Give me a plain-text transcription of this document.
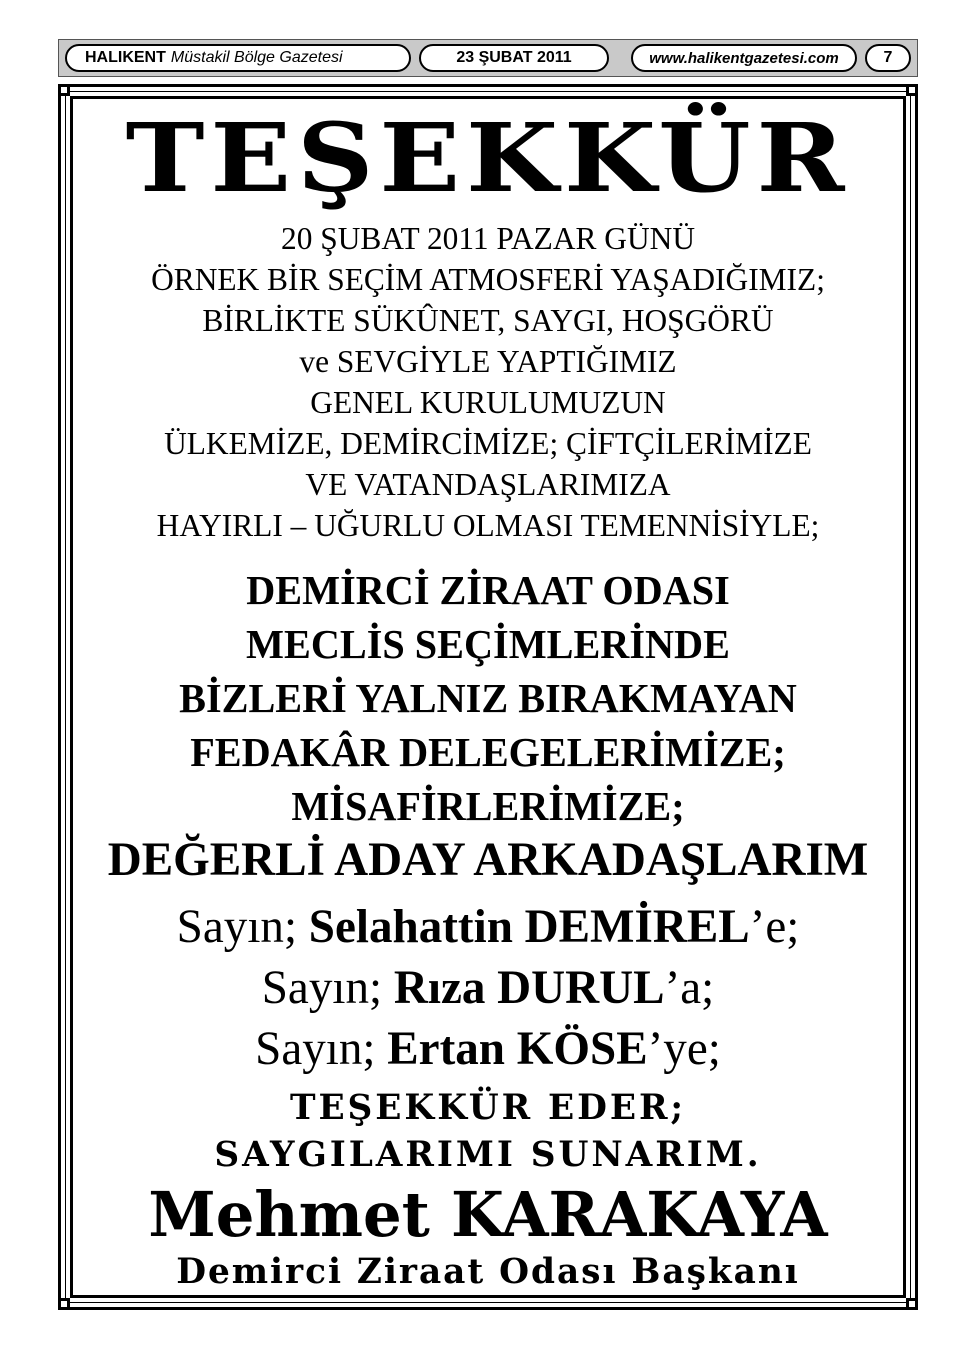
HALIKENT Müstakil Bölge Gazetesi	23 ŞUBAT 2011	www.halikentgazetesi.com	7
TEŞEKKÜR
20 ŞUBAT 2011 PAZAR GÜNÜ
ÖRNEK BİR SEÇİM ATMOSFERİ YAŞADIĞIMIZ;
BİRLİKTE SÜKÛNET, SAYGI, HOŞGÖRÜ
ve SEVGİYLE YAPTIĞIMIZ
GENEL KURULUMUZUN
ÜLKEMİZE, DEMİRCİMİZE; ÇİFTÇİLERİMİZE
VE VATANDAŞLARIMIZA
HAYIRLI – UĞURLU OLMASI TEMENNİSİYLE;
DEMİRCİ ZİRAAT ODASI
MECLİS SEÇİMLERİNDE
BİZLERİ YALNIZ BIRAKMAYAN
FEDAKÂR DELEGELERİMİZE;
MİSAFİRLERİMİZE;
DEĞERLİ ADAY ARKADAŞLARIM
Sayın; Selahattin DEMİREL’e;
Sayın; Rıza DURUL’a;
Sayın; Ertan KÖSE’ye;
TEŞEKKÜR EDER;
SAYGILARIMI SUNARIM.
Mehmet KARAKAYA
Demirci Ziraat Odası Başkanı
